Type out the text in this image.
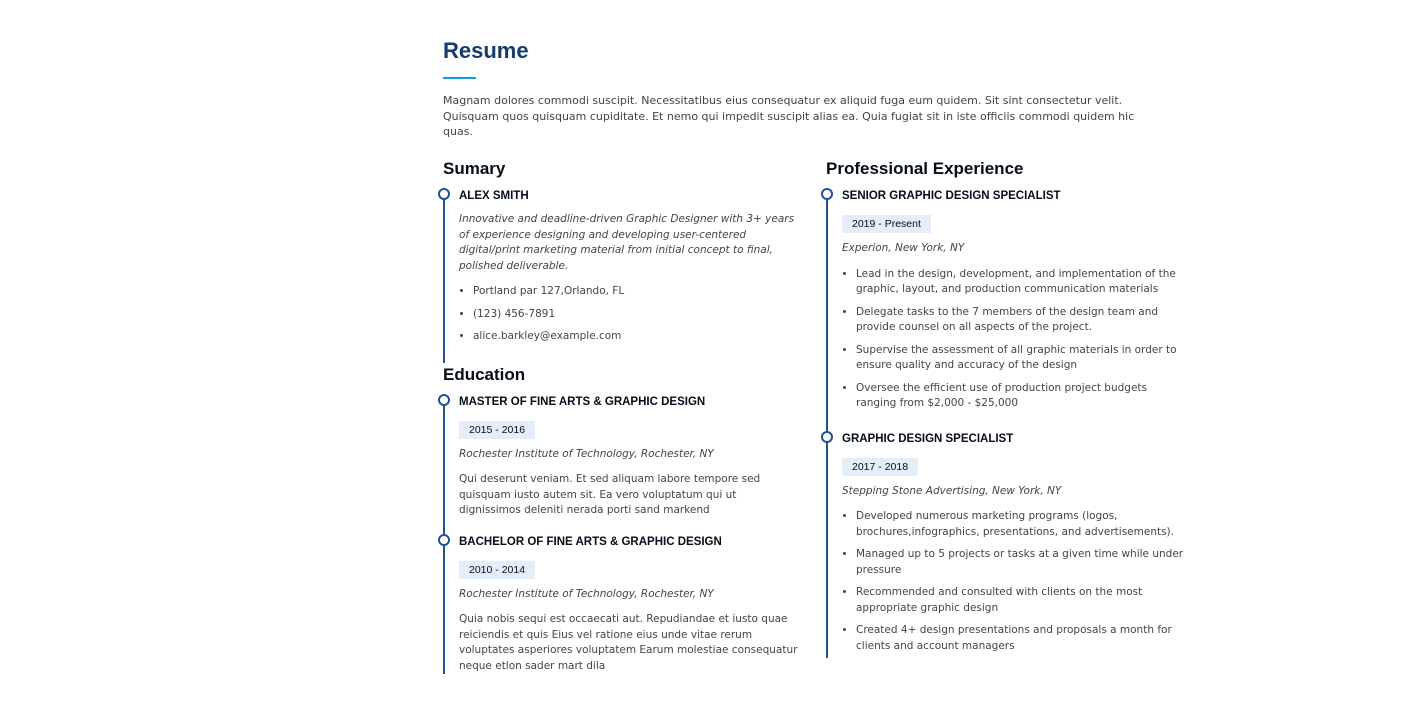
Resume

Magnam dolores commodi suscipit. Necessitatibus eius consequatur ex aliquid fuga eum quidem. Sit sint consectetur velit. Quisquam quos quisquam cupiditate. Et nemo qui impedit suscipit alias ea. Quia fugiat sit in iste officiis commodi quidem hic quas.

Sumary
ALEX SMITH

Innovative and deadline-driven Graphic Designer with 3+ years of experience designing and developing user-centered digital/print marketing material from initial concept to final, polished deliverable.

• Portland par 127,Orlando, FL
• (123) 456-7891
• alice.barkley@example.com
Education
MASTER OF FINE ARTS & GRAPHIC DESIGN
2015 - 2016

Rochester Institute of Technology, Rochester, NY

Qui deserunt veniam. Et sed aliquam labore tempore sed quisquam iusto autem sit. Ea vero voluptatum qui ut dignissimos deleniti nerada porti sand markend

BACHELOR OF FINE ARTS & GRAPHIC DESIGN
2010 - 2014

Rochester Institute of Technology, Rochester, NY

Quia nobis sequi est occaecati aut. Repudiandae et iusto quae reiciendis et quis Eius vel ratione eius unde vitae rerum voluptates asperiores voluptatem Earum molestiae consequatur neque etlon sader mart dila

Professional Experience
SENIOR GRAPHIC DESIGN SPECIALIST
2019 - Present

Experion, New York, NY

• Lead in the design, development, and implementation of the graphic, layout, and production communication materials
• Delegate tasks to the 7 members of the design team and provide counsel on all aspects of the project.
• Supervise the assessment of all graphic materials in order to ensure quality and accuracy of the design
• Oversee the efficient use of production project budgets ranging from $2,000 - $25,000
GRAPHIC DESIGN SPECIALIST
2017 - 2018

Stepping Stone Advertising, New York, NY

• Developed numerous marketing programs (logos, brochures,infographics, presentations, and advertisements).
• Managed up to 5 projects or tasks at a given time while under pressure
• Recommended and consulted with clients on the most appropriate graphic design
• Created 4+ design presentations and proposals a month for clients and account managers
